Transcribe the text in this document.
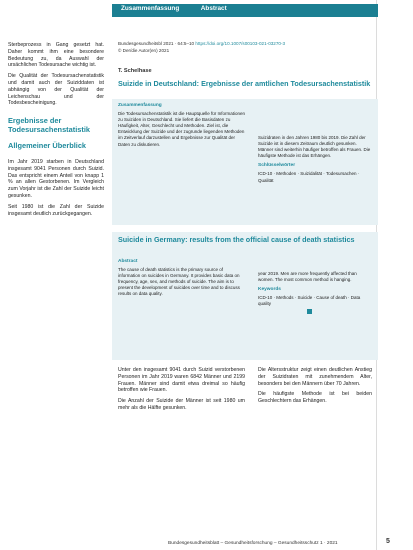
Sterbeprozess in Gang gesetzt hat. Daher kommt ihm eine besondere Bedeutung zu, da Auswahl der ursächlichen Todesursache wichtig ist.

Die Qualität der Todesursachenstatistik und damit auch der Suiziddaten ist abhängig von der Qualität der Leichenschau und der Todesbescheinigung.

Ergebnisse der Todesursachenstatistik
Allgemeiner Überblick

Im Jahr 2019 starben in Deutschland insgesamt 9041 Personen durch Suizid. Das entspricht einem Anteil von knapp 1 % an allen Gestorbenen. Im Vergleich zum Vorjahr ist die Zahl der Suizide leicht gesunken.

Seit 1980 ist die Zahl der Suizide insgesamt deutlich zurückgegangen.

Zusammenfassung	Abstract
Bundesgesundheitsbl 2021 · 64:5–10 https://doi.org/10.1007/s00103-021-03270-3
© Der/die Autor(en) 2021
T. Schelhase
Suizide in Deutschland: Ergebnisse der amtlichen Todesursachenstatistik
Zusammenfassung

Die Todesursachenstatistik ist die Hauptquelle für Informationen zu Suiziden in Deutschland. Sie liefert die Basisdaten zu Häufigkeit, Alter, Geschlecht und Methoden. Ziel ist, die Entwicklung der Suizide und der zugrunde liegenden Methoden im Zeitverlauf darzustellen und Ergebnisse zur Qualität der Daten zu diskutieren.

Suizidraten in den Jahren 1980 bis 2019. Die Zahl der Suizide ist in diesem Zeitraum deutlich gesunken. Männer sind weiterhin häufiger betroffen als Frauen. Die häufigste Methode ist das Erhängen.

Schlüsselwörter

ICD-10 · Methoden · Suizidalität · Todesursachen · Qualität

Suicide in Germany: results from the official cause of death statistics
Abstract

The cause of death statistics is the primary source of information on suicides in Germany. It provides basic data on frequency, age, sex, and methods of suicide. The aim is to present the development of suicides over time and to discuss results on data quality.

year 2019. Men are more frequently affected than women. The most common method is hanging.

Keywords

ICD-10 · Methods · Suicide · Cause of death · Data quality

Unter den insgesamt 9041 durch Suizid verstorbenen Personen im Jahr 2019 waren 6842 Männer und 2199 Frauen. Männer sind damit etwa dreimal so häufig betroffen wie Frauen.

Die Anzahl der Suizide der Männer ist seit 1980 um mehr als die Hälfte gesunken.

Die Altersstruktur zeigt einen deutlichen Anstieg der Suizidraten mit zunehmendem Alter, besonders bei den Männern über 70 Jahren.

Die häufigste Methode ist bei beiden Geschlechtern das Erhängen.

Bundesgesundheitsblatt – Gesundheitsforschung – Gesundheitsschutz 1 · 2021	5
